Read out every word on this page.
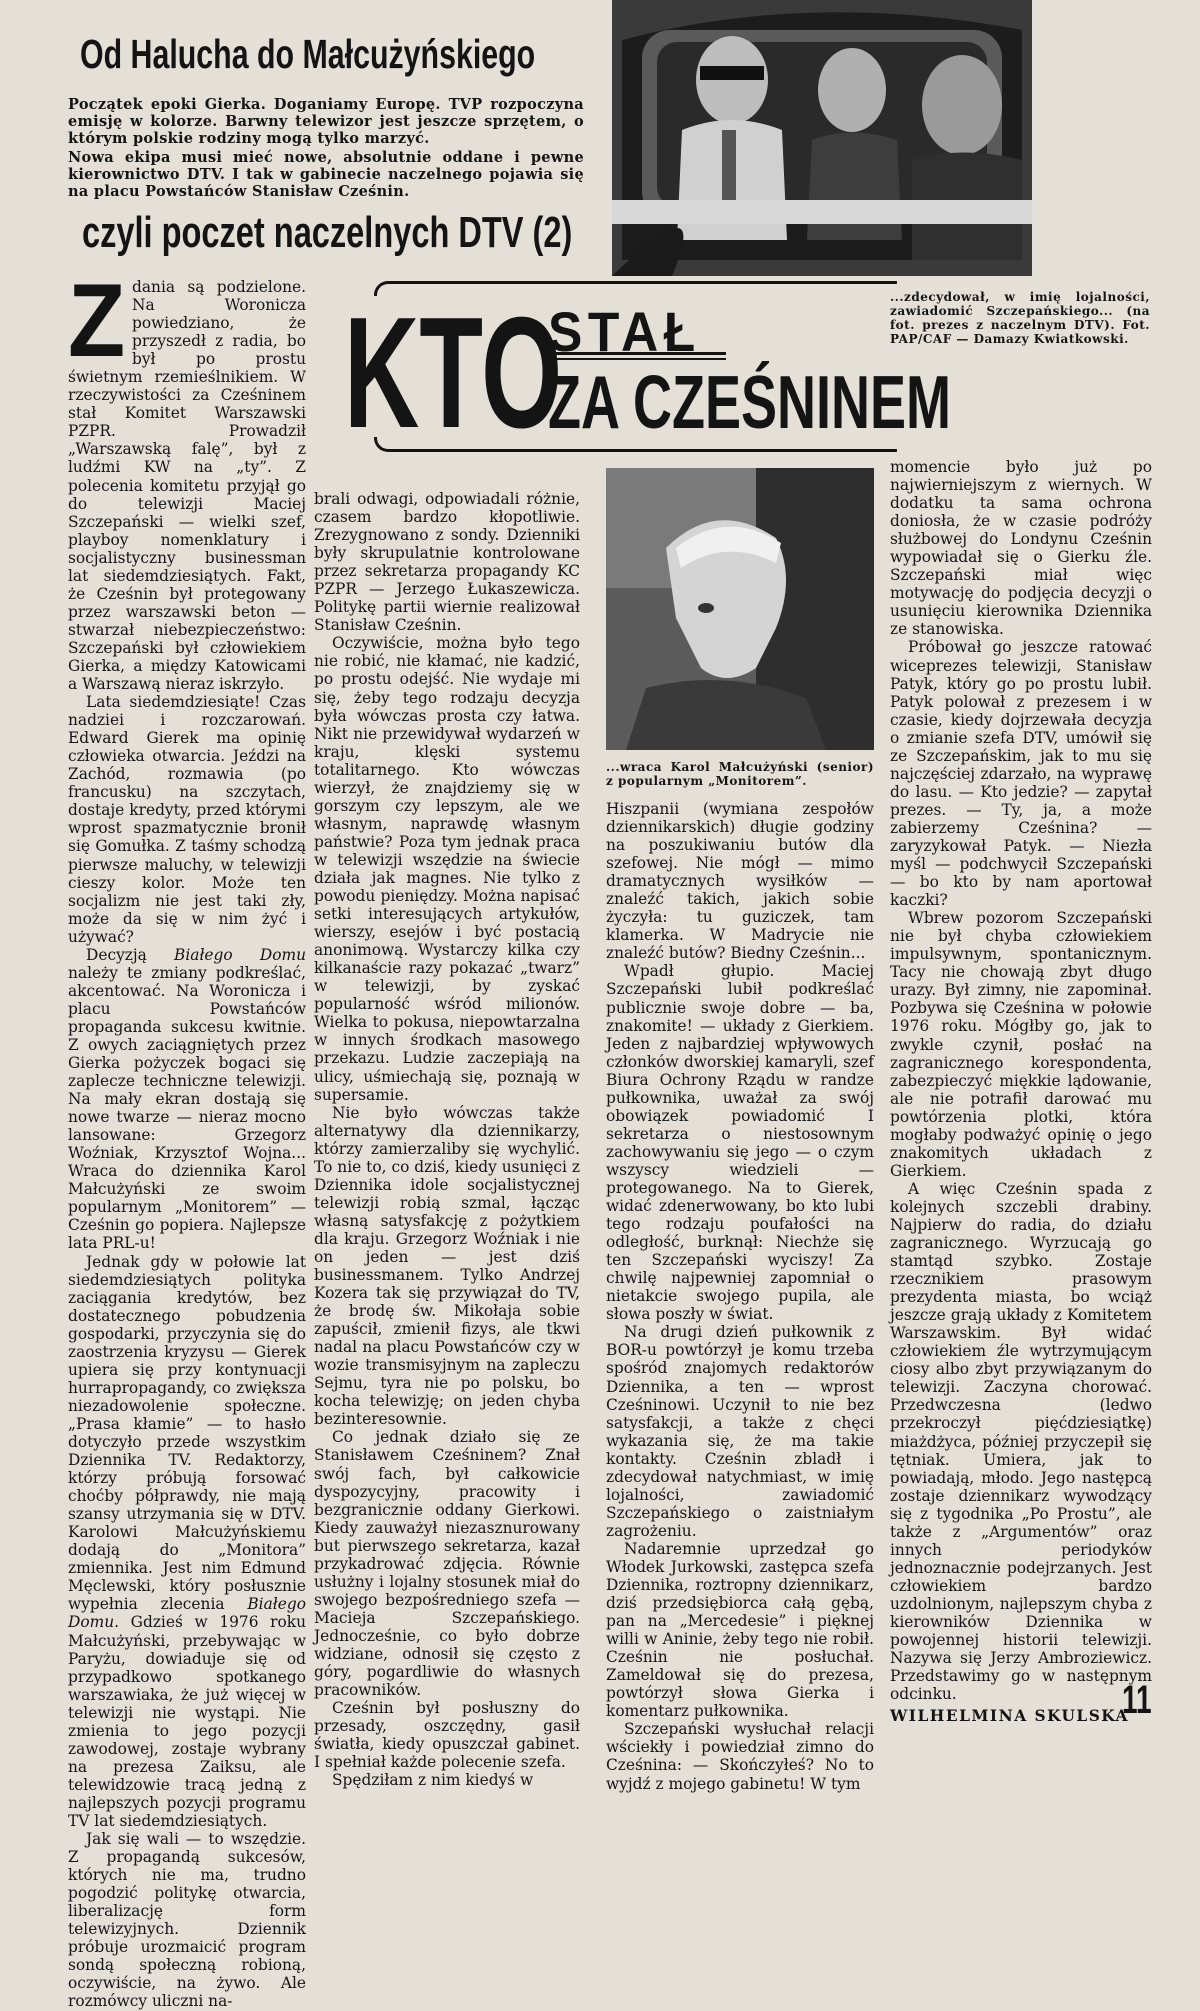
Od Halucha do Małcużyńskiego
Początek epoki Gierka. Doganiamy Europę. TVP rozpoczyna emisję w kolorze. Barwny telewizor jest jeszcze sprzętem, o którym polskie rodziny mogą tylko marzyć.
Nowa ekipa musi mieć nowe, absolutnie oddane i pewne kierownictwo DTV. I tak w gabinecie naczelnego pojawia się na placu Powstańców Stanisław Cześnin.
czyli poczet naczelnych DTV (2)
KTO
STAŁ
ZA CZEŚNINEM
...zdecydował, w imię lojalności, zawiadomić Szczepańskiego... (na fot. prezes z naczelnym DTV). Fot. PAP/CAF — Damazy Kwiatkowski.
Z dania są podzielone. Na Woronicza powiedziano, że przyszedł z radia, bo był po prostu świetnym rzemieślnikiem. W rzeczywistości za Cześninem stał Komitet Warszawski PZPR. Prowadził „Warszawską falę”, był z ludźmi KW na „ty”. Z polecenia komitetu przyjął go do telewizji Maciej Szczepański — wielki szef, playboy nomenklatury i socjalistyczny businessman lat siedemdziesiątych. Fakt, że Cześnin był protegowany przez warszawski beton — stwarzał niebezpieczeństwo: Szczepański był człowiekiem Gierka, a między Katowicami a Warszawą nieraz iskrzyło.

Lata siedemdziesiąte! Czas nadziei i rozczarowań. Edward Gierek ma opinię człowieka otwarcia. Jeździ na Zachód, rozmawia (po francusku) na szczytach, dostaje kredyty, przed którymi wprost spazmatycznie bronił się Gomułka. Z taśmy schodzą pierwsze maluchy, w telewizji cieszy kolor. Może ten socjalizm nie jest taki zły, może da się w nim żyć i używać?

Decyzją Białego Domu należy te zmiany podkreślać, akcentować. Na Woronicza i placu Powstańców propaganda sukcesu kwitnie. Z owych zaciągniętych przez Gierka pożyczek bogaci się zaplecze techniczne telewizji. Na mały ekran dostają się nowe twarze — nieraz mocno lansowane: Grzegorz Woźniak, Krzysztof Wojna... Wraca do dziennika Karol Małcużyński ze swoim popularnym „Monitorem” — Cześnin go popiera. Najlepsze lata PRL-u!

Jednak gdy w połowie lat siedemdziesiątych polityka zaciągania kredytów, bez dostatecznego pobudzenia gospodarki, przyczynia się do zaostrzenia kryzysu — Gierek upiera się przy kontynuacji hurrapropagandy, co zwiększa niezadowolenie społeczne. „Prasa kłamie” — to hasło dotyczyło przede wszystkim Dziennika TV. Redaktorzy, którzy próbują forsować choćby półprawdy, nie mają szansy utrzymania się w DTV. Karolowi Małcużyńskiemu dodają do „Monitora” zmiennika. Jest nim Edmund Męclewski, który posłusznie wypełnia zlecenia Białego Domu. Gdzieś w 1976 roku Małcużyński, przebywając w Paryżu, dowiaduje się od przypadkowo spotkanego warszawiaka, że już więcej w telewizji nie wystąpi. Nie zmienia to jego pozycji zawodowej, zostaje wybrany na prezesa Zaiksu, ale telewidzowie tracą jedną z najlepszych pozycji programu TV lat siedemdziesiątych.

Jak się wali — to wszędzie. Z propagandą sukcesów, których nie ma, trudno pogodzić politykę otwarcia, liberalizację form telewizyjnych. Dziennik próbuje urozmaicić program sondą społeczną robioną, oczywiście, na żywo. Ale rozmówcy uliczni na-

brali odwagi, odpowiadali różnie, czasem bardzo kłopotliwie. Zrezygnowano z sondy. Dzienniki były skrupulatnie kontrolowane przez sekretarza propagandy KC PZPR — Jerzego Łukaszewicza. Politykę partii wiernie realizował Stanisław Cześnin.

Oczywiście, można było tego nie robić, nie kłamać, nie kadzić, po prostu odejść. Nie wydaje mi się, żeby tego rodzaju decyzja była wówczas prosta czy łatwa. Nikt nie przewidywał wydarzeń w kraju, klęski systemu totalitarnego. Kto wówczas wierzył, że znajdziemy się w gorszym czy lepszym, ale we własnym, naprawdę własnym państwie? Poza tym jednak praca w telewizji wszędzie na świecie działa jak magnes. Nie tylko z powodu pieniędzy. Można napisać setki interesujących artykułów, wierszy, esejów i być postacią anonimową. Wystarczy kilka czy kilkanaście razy pokazać „twarz” w telewizji, by zyskać popularność wśród milionów. Wielka to pokusa, niepowtarzalna w innych środkach masowego przekazu. Ludzie zaczepiają na ulicy, uśmiechają się, poznają w supersamie.

Nie było wówczas także alternatywy dla dziennikarzy, którzy zamierzaliby się wychylić. To nie to, co dziś, kiedy usunięci z Dziennika idole socjalistycznej telewizji robią szmal, łącząc własną satysfakcję z pożytkiem dla kraju. Grzegorz Woźniak i nie on jeden — jest dziś businessmanem. Tylko Andrzej Kozera tak się przywiązał do TV, że brodę św. Mikołaja sobie zapuścił, zmienił fizys, ale tkwi nadal na placu Powstańców czy w wozie transmisyjnym na zapleczu Sejmu, tyra nie po polsku, bo kocha telewizję; on jeden chyba bezinteresownie.

Co jednak działo się ze Stanisławem Cześninem? Znał swój fach, był całkowicie dyspozycyjny, pracowity i bezgranicznie oddany Gierkowi. Kiedy zauważył niezasznurowany but pierwszego sekretarza, kazał przykadrować zdjęcia. Równie usłużny i lojalny stosunek miał do swojego bezpośredniego szefa — Macieja Szczepańskiego. Jednocześnie, co było dobrze widziane, odnosił się często z góry, pogardliwie do własnych pracowników.

Cześnin był posłuszny do przesady, oszczędny, gasił światła, kiedy opuszczał gabinet. I spełniał każde polecenie szefa.

Spędziłam z nim kiedyś w

...wraca Karol Małcużyński (senior) z popularnym „Monitorem”.

Hiszpanii (wymiana zespołów dziennikarskich) długie godziny na poszukiwaniu butów dla szefowej. Nie mógł — mimo dramatycznych wysiłków — znaleźć takich, jakich sobie życzyła: tu guziczek, tam klamerka. W Madrycie nie znaleźć butów? Biedny Cześnin...

Wpadł głupio. Maciej Szczepański lubił podkreślać publicznie swoje dobre — ba, znakomite! — układy z Gierkiem. Jeden z najbardziej wpływowych członków dworskiej kamaryli, szef Biura Ochrony Rządu w randze pułkownika, uważał za swój obowiązek powiadomić I sekretarza o niestosownym zachowywaniu się jego — o czym wszyscy wiedzieli — protegowanego. Na to Gierek, widać zdenerwowany, bo kto lubi tego rodzaju poufałości na odległość, burknął: Niechże się ten Szczepański wyciszy! Za chwilę najpewniej zapomniał o nietakcie swojego pupila, ale słowa poszły w świat.

Na drugi dzień pułkownik z BOR-u powtórzył je komu trzeba spośród znajomych redaktorów Dziennika, a ten — wprost Cześninowi. Uczynił to nie bez satysfakcji, a także z chęci wykazania się, że ma takie kontakty. Cześnin zbladł i zdecydował natychmiast, w imię lojalności, zawiadomić Szczepańskiego o zaistniałym zagrożeniu.

Nadaremnie uprzedzał go Włodek Jurkowski, zastępca szefa Dziennika, roztropny dziennikarz, dziś przedsiębiorca całą gębą, pan na „Mercedesie” i pięknej willi w Aninie, żeby tego nie robił. Cześnin nie posłuchał. Zameldował się do prezesa, powtórzył słowa Gierka i komentarz pułkownika.

Szczepański wysłuchał relacji wściekły i powiedział zimno do Cześnina: — Skończyłeś? No to wyjdź z mojego gabinetu! W tym

momencie było już po najwierniejszym z wiernych. W dodatku ta sama ochrona doniosła, że w czasie podróży służbowej do Londynu Cześnin wypowiadał się o Gierku źle. Szczepański miał więc motywację do podjęcia decyzji o usunięciu kierownika Dziennika ze stanowiska.

Próbował go jeszcze ratować wiceprezes telewizji, Stanisław Patyk, który go po prostu lubił. Patyk polował z prezesem i w czasie, kiedy dojrzewała decyzja o zmianie szefa DTV, umówił się ze Szczepańskim, jak to mu się najczęściej zdarzało, na wyprawę do lasu. — Kto jedzie? — zapytał prezes. — Ty, ja, a może zabierzemy Cześnina? — zaryzykował Patyk. — Niezła myśl — podchwycił Szczepański — bo kto by nam aportował kaczki?

Wbrew pozorom Szczepański nie był chyba człowiekiem impulsywnym, spontanicznym. Tacy nie chowają zbyt długo urazy. Był zimny, nie zapominał. Pozbywa się Cześnina w połowie 1976 roku. Mógłby go, jak to zwykle czynił, posłać na zagranicznego korespondenta, zabezpieczyć miękkie lądowanie, ale nie potrafił darować mu powtórzenia plotki, która mogłaby podważyć opinię o jego znakomitych układach z Gierkiem.

A więc Cześnin spada z kolejnych szczebli drabiny. Najpierw do radia, do działu zagranicznego. Wyrzucają go stamtąd szybko. Zostaje rzecznikiem prasowym prezydenta miasta, bo wciąż jeszcze grają układy z Komitetem Warszawskim. Był widać człowiekiem źle wytrzymującym ciosy albo zbyt przywiązanym do telewizji. Zaczyna chorować. Przedwczesna (ledwo przekroczył pięćdziesiątkę) miażdżyca, później przyczepił się tętniak. Umiera, jak to powiadają, młodo. Jego następcą zostaje dziennikarz wywodzący się z tygodnika „Po Prostu”, ale także z „Argumentów” oraz innych periodyków jednoznacznie podejrzanych. Jest człowiekiem bardzo uzdolnionym, najlepszym chyba z kierowników Dziennika w powojennej historii telewizji. Nazywa się Jerzy Ambroziewicz. Przedstawimy go w następnym odcinku.

WILHELMINA SKULSKA

11
